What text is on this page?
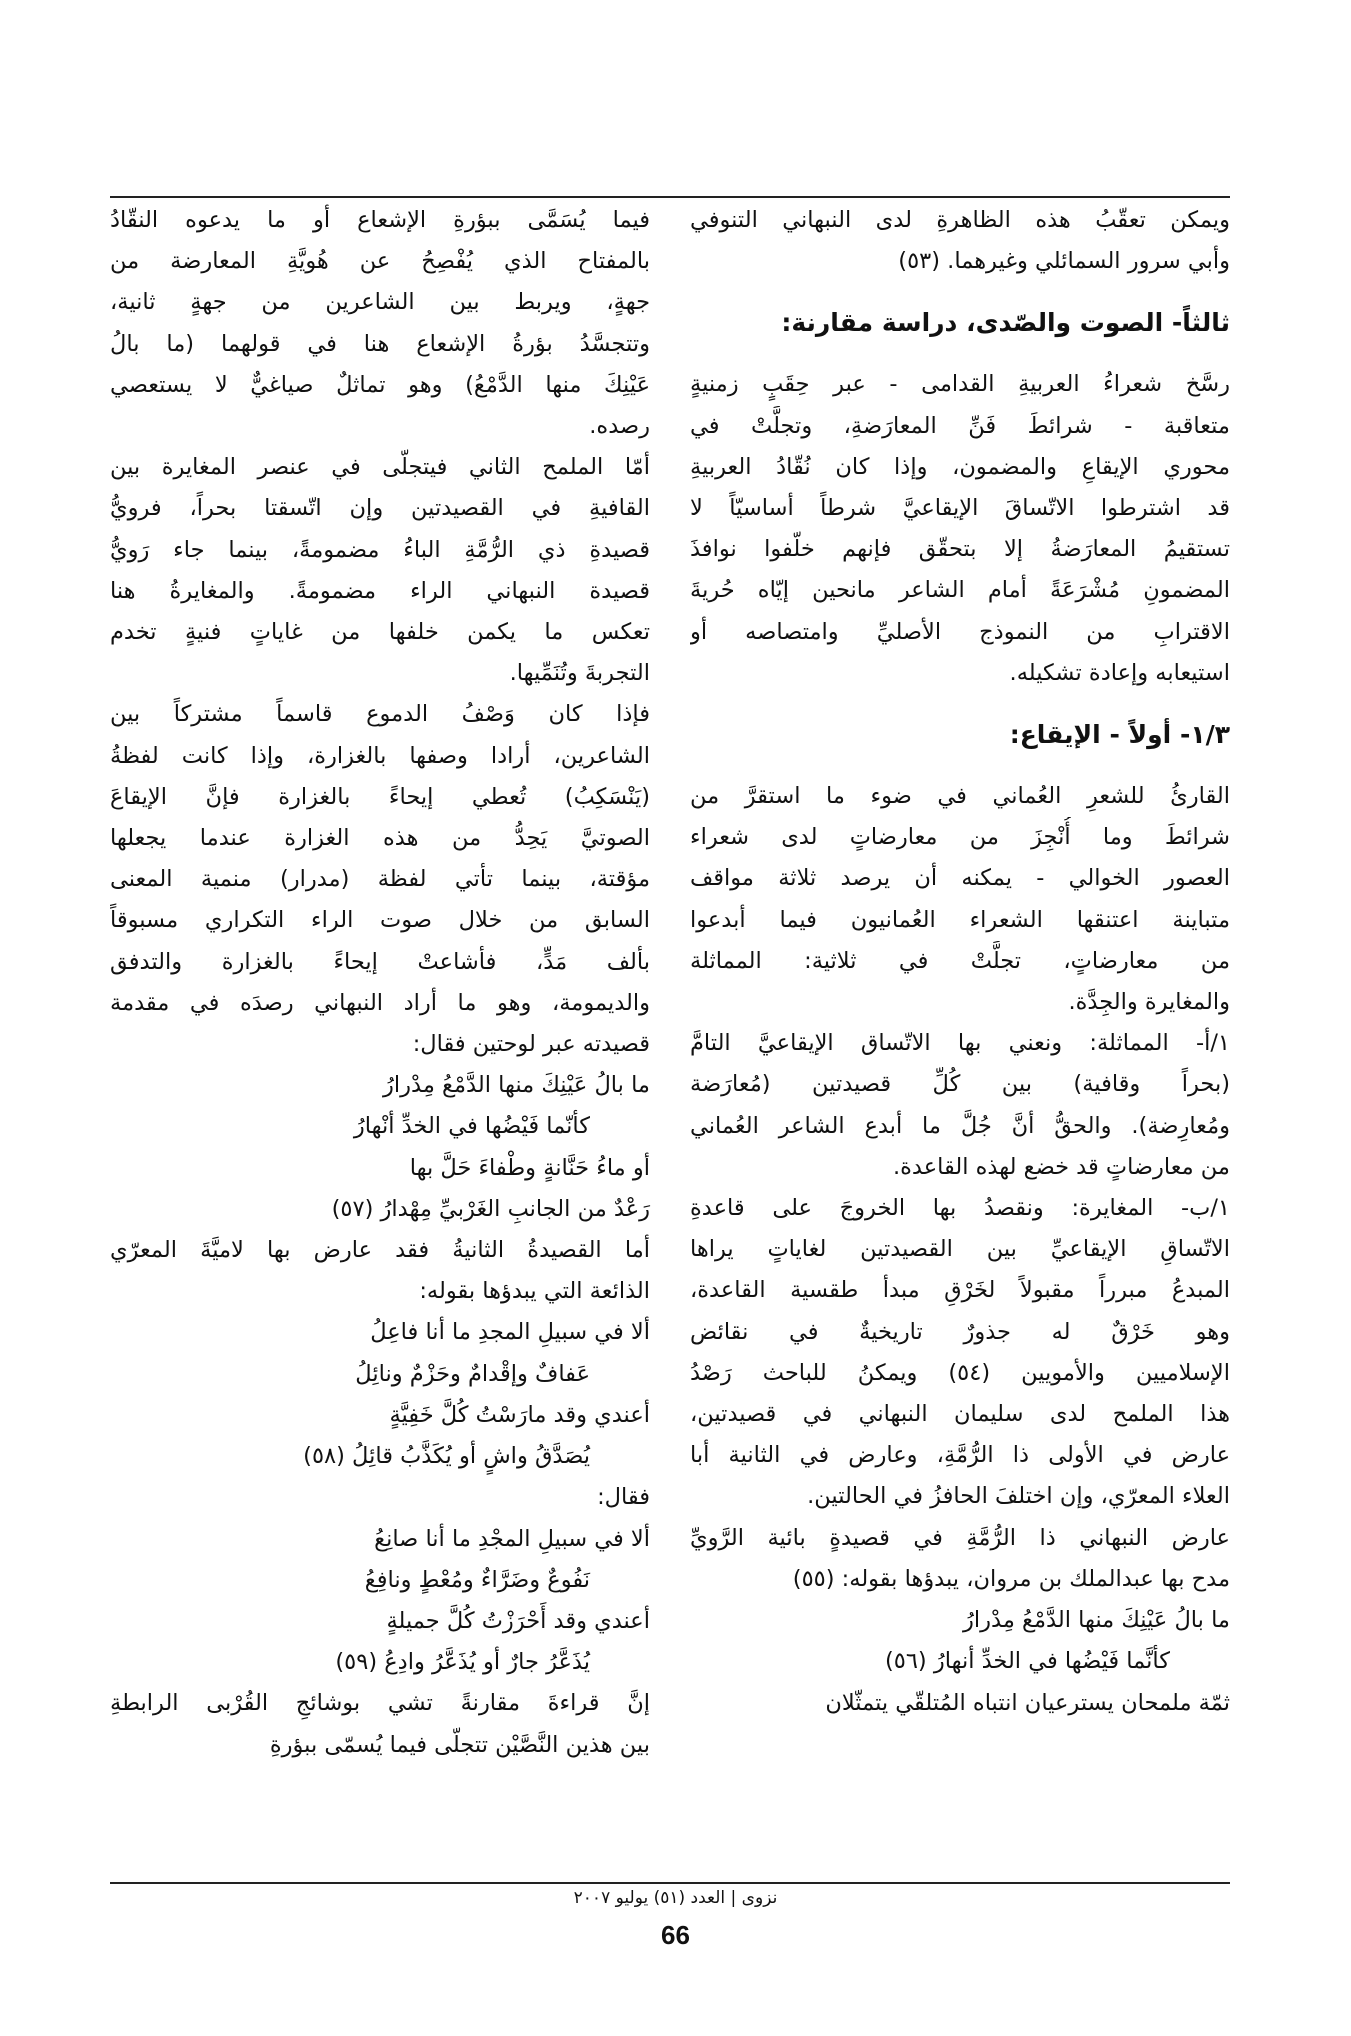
ويمكن تعقّبُ هذه الظاهرةِ لدى النبهاني التنوفي
وأبي سرور السمائلي وغيرهما. (٥٣)

ثالثاً- الصوت والصّدى، دراسة مقارنة:

رسَّخ شعراءُ العربيةِ القدامى - عبر حِقَبٍ زمنيةٍ
متعاقبة - شرائطَ فَنِّ المعارَضةِ، وتجلَّتْ في
محوري الإيقاعِ والمضمون، وإذا كان نُقّادُ العربيةِ
قد اشترطوا الاتّساقَ الإيقاعيَّ شرطاً أساسيّاً لا
تستقيمُ المعارَضةُ إلا بتحقّق فإنهم خلّفوا نوافذَ
المضمونِ مُشْرَعَةً أمام الشاعر مانحين إيّاه حُريةَ
الاقترابِ من النموذج الأصليِّ وامتصاصه أو
استيعابه وإعادة تشكيله.

١/٣- أولاً - الإيقاع:

القارئُ للشعرِ العُماني في ضوء ما استقرَّ من
شرائطَ وما أُنْجِزَ من معارضاتٍ لدى شعراء
العصور الخوالي - يمكنه أن يرصد ثلاثة مواقف
متباينة اعتنقها الشعراء العُمانيون فيما أبدعوا
من معارضاتٍ، تجلَّتْ في ثلاثية: المماثلة
والمغايرة والجِدَّة.

١/أ- المماثلة: ونعني بها الاتّساق الإيقاعيَّ التامَّ
(بحراً وقافية) بين كُلِّ قصيدتين (مُعارَضة
ومُعارِضة). والحقُّ أنَّ جُلَّ ما أبدع الشاعر العُماني
من معارضاتٍ قد خضع لهذه القاعدة.

١/ب- المغايرة: ونقصدُ بها الخروجَ على قاعدةِ
الاتّساقِ الإيقاعيِّ بين القصيدتين لغاياتٍ يراها
المبدعُ مبرراً مقبولاً لخَرْقِ مبدأ طقسية القاعدة،
وهو خَرْقٌ له جذورٌ تاريخيةٌ في نقائض
الإسلاميين والأمويين (٥٤) ويمكنُ للباحث رَصْدُ
هذا الملمح لدى سليمان النبهاني في قصيدتين،
عارض في الأولى ذا الرُّمَّةِ، وعارض في الثانية أبا
العلاء المعرّي، وإن اختلفَ الحافزُ في الحالتين.

عارض النبهاني ذا الرُّمَّةِ في قصيدةٍ بائية الرَّويِّ
مدح بها عبدالملك بن مروان، يبدؤها بقوله: (٥٥)

ما بالُ عَيْنِكَ منها الدَّمْعُ مِدْرارُ
كأنَّما فَيْضُها في الخدِّ أنهارُ (٥٦)

ثمّة ملمحان يسترعيان انتباه المُتلقّي يتمثّلان

فيما يُسَمَّى ببؤرةِ الإشعاع أو ما يدعوه النقّادُ
بالمفتاح الذي يُفْصِحُ عن هُويَّةِ المعارضة من
جهةٍ، ويربط بين الشاعرين من جهةٍ ثانية،
وتتجسَّدُ بؤرةُ الإشعاع هنا في قولهما (ما بالُ
عَيْنِكَ منها الدَّمْعُ) وهو تماثلٌ صياغيٌّ لا يستعصي
رصده.

أمّا الملمح الثاني فيتجلّى في عنصر المغايرة بين
القافيةِ في القصيدتين وإن اتّسقتا بحراً، فرويُّ
قصيدةِ ذي الرُّمَّةِ الباءُ مضمومةً، بينما جاء رَويُّ
قصيدة النبهاني الراء مضمومةً. والمغايرةُ هنا
تعكس ما يكمن خلفها من غاياتٍ فنيةٍ تخدم
التجربةَ وتُنَمِّيها.

فإذا كان وَصْفُ الدموع قاسماً مشتركاً بين
الشاعرين، أرادا وصفها بالغزارة، وإذا كانت لفظةُ
(يَنْسَكِبُ) تُعطي إيحاءً بالغزارة فإنَّ الإيقاعَ
الصوتيَّ يَحِدُّ من هذه الغزارة عندما يجعلها
مؤقتة، بينما تأتي لفظة (مدرار) منمية المعنى
السابق من خلال صوت الراء التكراري مسبوقاً
بألف مَدٍّ، فأشاعتْ إيحاءً بالغزارة والتدفق
والديمومة، وهو ما أراد النبهاني رصدَه في مقدمة
قصيدته عبر لوحتين فقال:

ما بالُ عَيْنِكَ منها الدَّمْعُ مِدْرارُ
كأنّما فَيْضُها في الخدِّ أنْهارُ
أو ماءُ حَنَّانةٍ وطْفاءَ حَلَّ بها
رَعْدٌ من الجانبِ الغَرْبيِّ مِهْدارُ (٥٧)

أما القصيدةُ الثانيةُ فقد عارض بها لاميَّةَ المعرّي
الذائعة التي يبدؤها بقوله:

ألا في سبيلِ المجدِ ما أنا فاعِلُ
عَفافٌ وإقْدامٌ وحَزْمٌ ونائِلُ
أعندي وقد مارَسْتُ كُلَّ خَفِيَّةٍ
يُصَدَّقُ واشٍ أو يُكَذَّبُ قائِلُ (٥٨)

فقال:

ألا في سبيلِ المجْدِ ما أنا صانِعُ
نَفُوعٌ وضَرَّاءٌ ومُعْطٍ ونافِعُ
أعندي وقد أَحْرَزْتُ كُلَّ جميلةٍ
يُذَعَّرُ جارٌ أو يُذَعَّرُ وادِعُ (٥٩)

إنَّ قراءةَ مقارنةً تشي بوشائجِ القُرْبى الرابطةِ
بين هذين النَّصَّيْن تتجلّى فيما يُسمّى ببؤرةِ

نزوى | العدد (٥١) يوليو ٢٠٠٧
66
